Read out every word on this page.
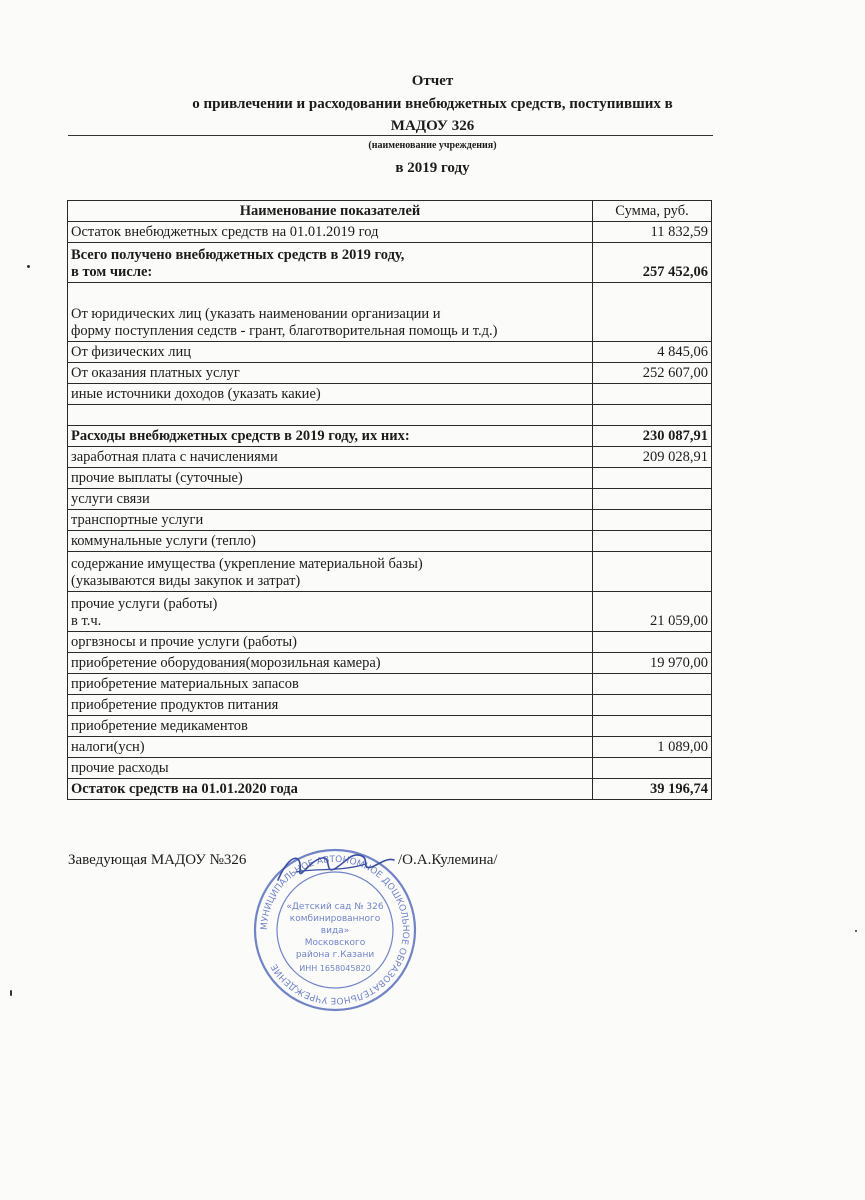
Отчет
о привлечении и расходовании внебюджетных средств, поступивших в
МАДОУ 326
(наименование учреждения)
в 2019 году
Наименование показателей	Сумма, руб.
Остаток внебюджетных средств на 01.01.2019 год	11 832,59
Всего получено внебюджетных средств в 2019 году,
в том числе:	257 452,06
От юридических лиц (указать наименовании организации и
форму поступления седств - грант, благотворительная помощь и т.д.)	
От физических лиц	4 845,06
От оказания платных услуг	252 607,00
иные источники доходов (указать какие)	

Расходы внебюджетных средств в 2019 году, их них:	230 087,91
заработная плата с начислениями	209 028,91
прочие выплаты (суточные)	
услуги связи	
транспортные услуги	
коммунальные услуги (тепло)	
содержание имущества (укрепление материальной базы)
(указываются виды закупок и затрат)	
прочие услуги (работы)
в т.ч.	21 059,00
оргвзносы и прочие услуги (работы)	
приобретение оборудования(морозильная камера)	19 970,00
приобретение материальных запасов	
приобретение продуктов питания	
приобретение медикаментов	
налоги(усн)	1 089,00
прочие расходы	
Остаток средств на 01.01.2020 года	39 196,74
Заведующая МАДОУ №326
МУНИЦИПАЛЬНОЕ АВТОНОМНОЕ ДОШКОЛЬНОЕ ОБРАЗОВАТЕЛЬНОЕ УЧРЕЖДЕНИЕ
«Детский сад № 326
комбинированного
вида»
Московского
района г.Казани
ИНН 1658045820
/О.А.Кулемина/
